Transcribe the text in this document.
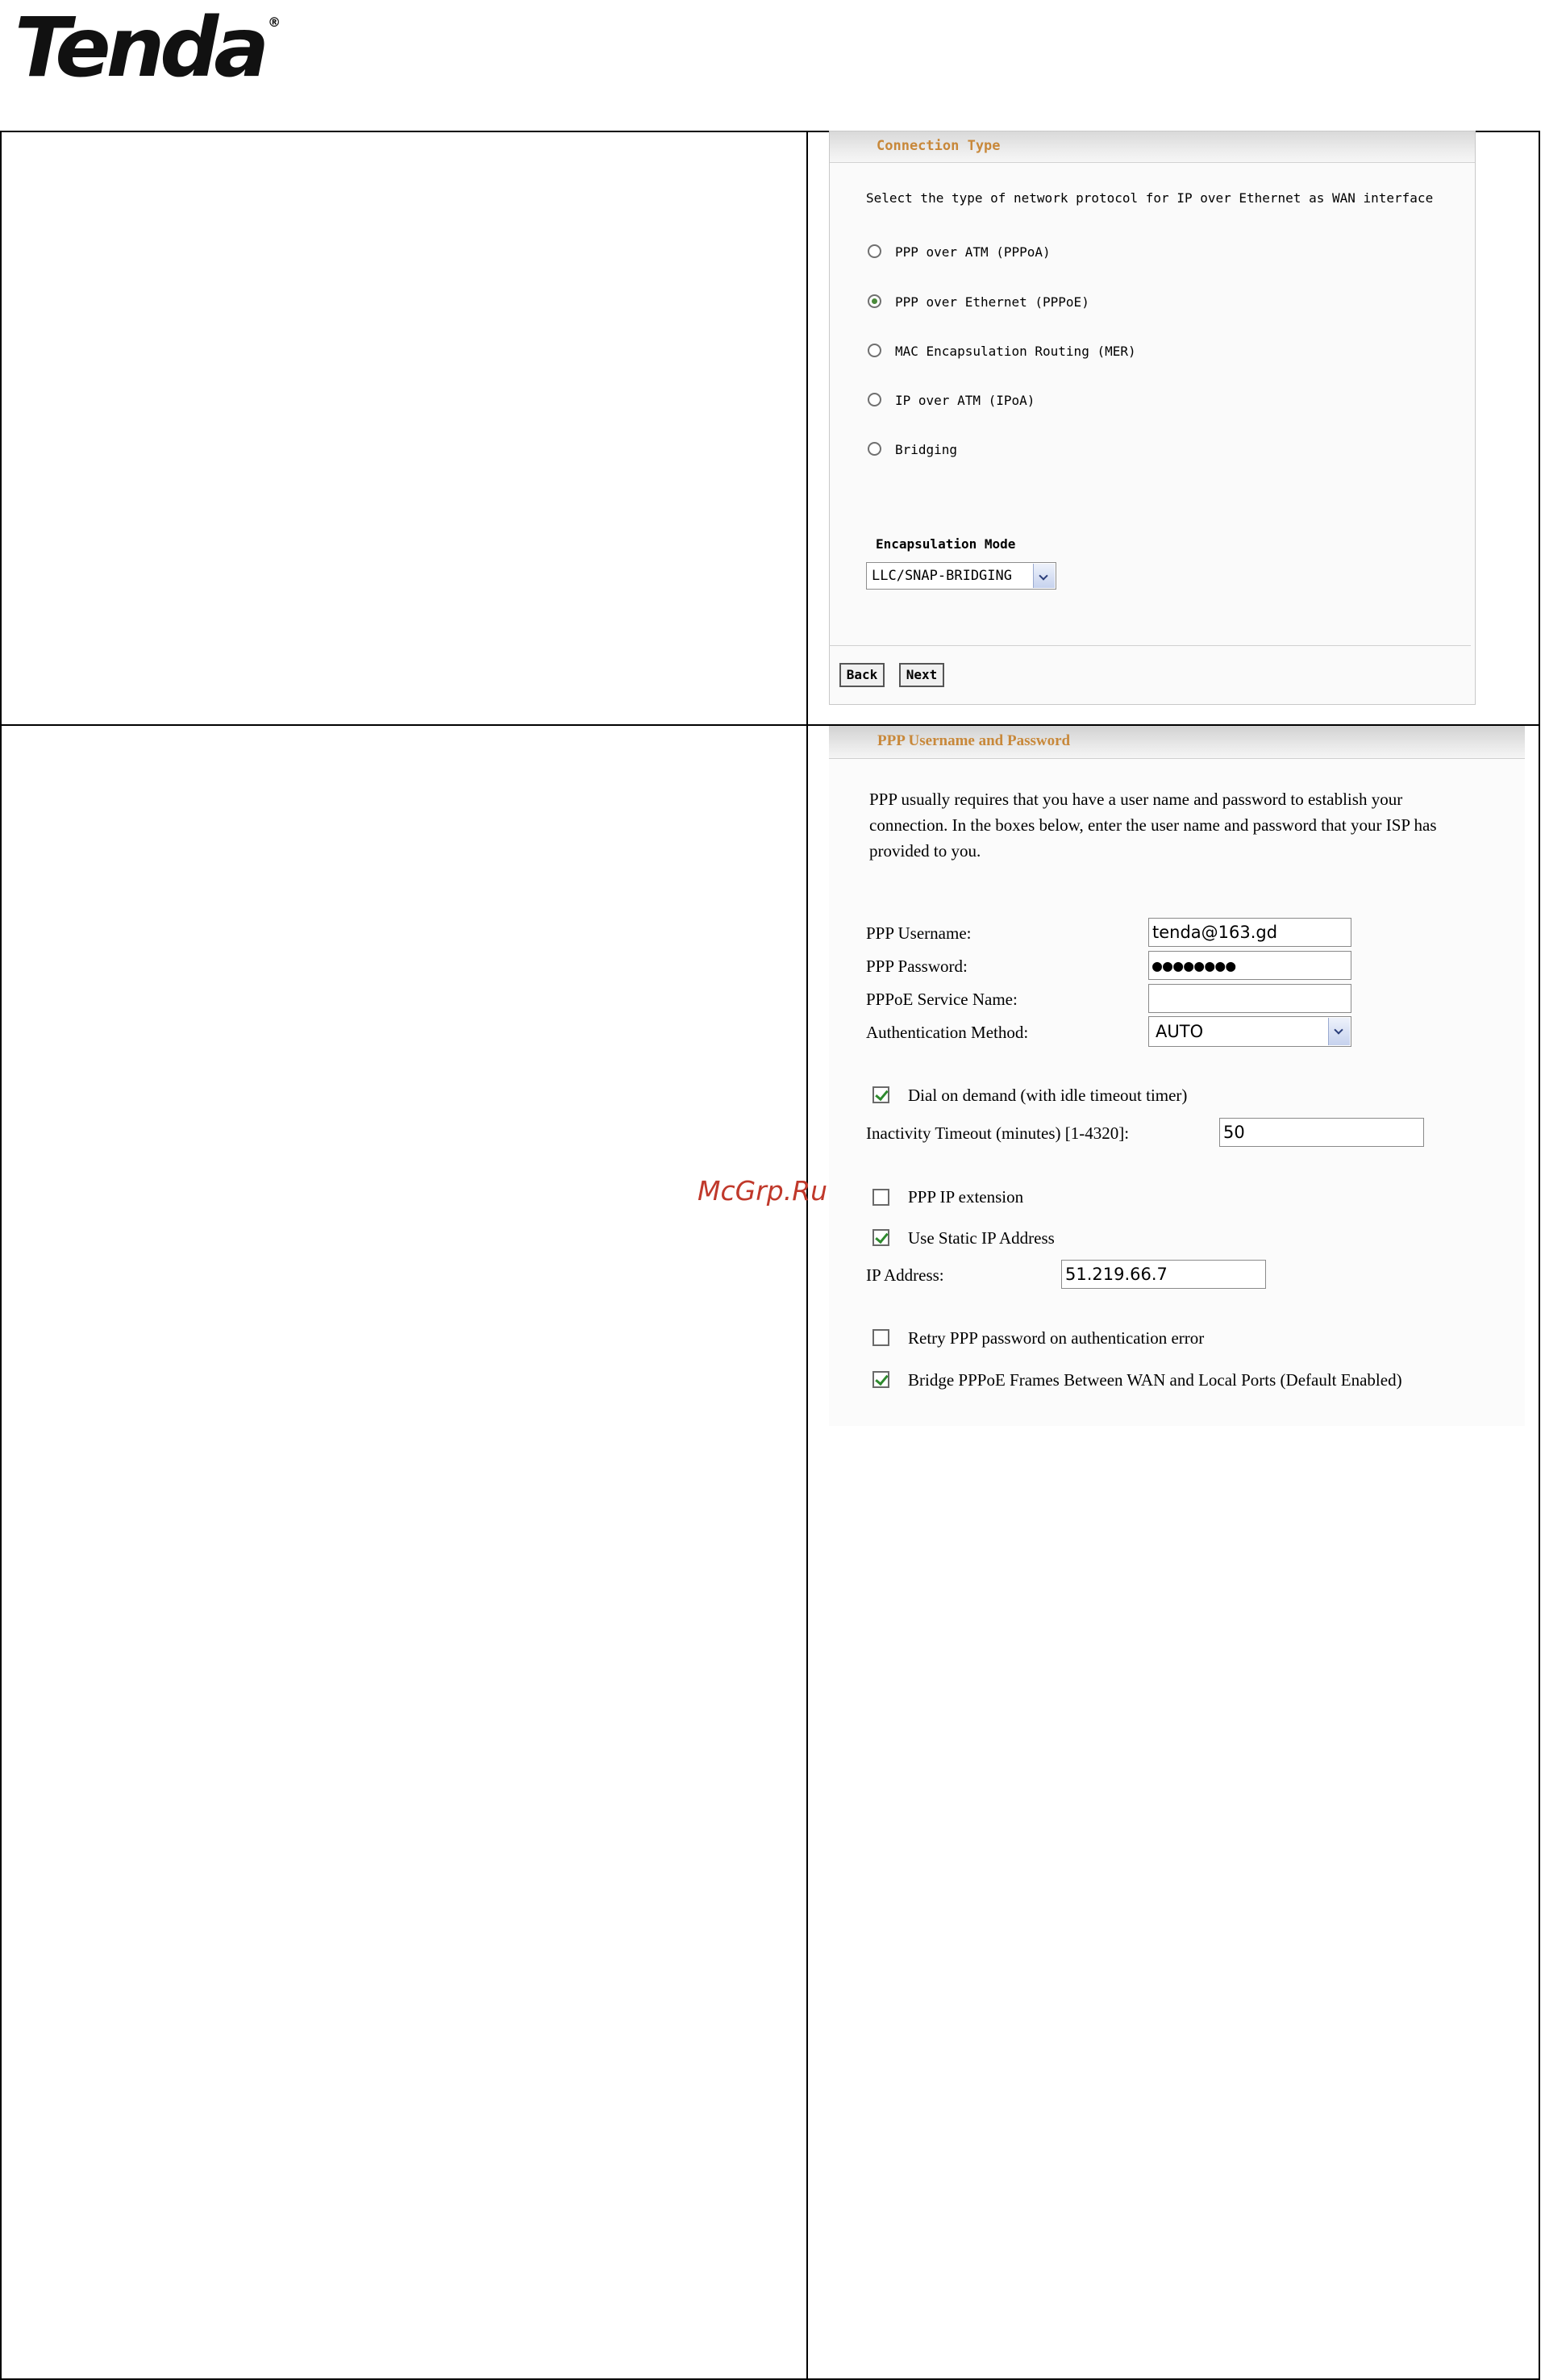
Tenda ®
Connection Type
Select the type of network protocol for IP over Ethernet as WAN interface
PPP over ATM (PPPoA)
PPP over Ethernet (PPPoE)
MAC Encapsulation Routing (MER)
IP over ATM (IPoA)
Bridging
Encapsulation Mode
LLC/SNAP-BRIDGING
Back	Next
PPP Username and Password
PPP usually requires that you have a user name and password to establish your
connection. In the boxes below, enter the user name and password that your ISP has
provided to you.
PPP Username:	tenda@163.gd
PPP Password:	●●●●●●●●
PPPoE Service Name:
Authentication Method:	AUTO
Dial on demand (with idle timeout timer)
Inactivity Timeout (minutes) [1-4320]:	50
PPP IP extension
Use Static IP Address
IP Address:	51.219.66.7
Retry PPP password on authentication error
Bridge PPPoE Frames Between WAN and Local Ports (Default Enabled)
McGrp.Ru
